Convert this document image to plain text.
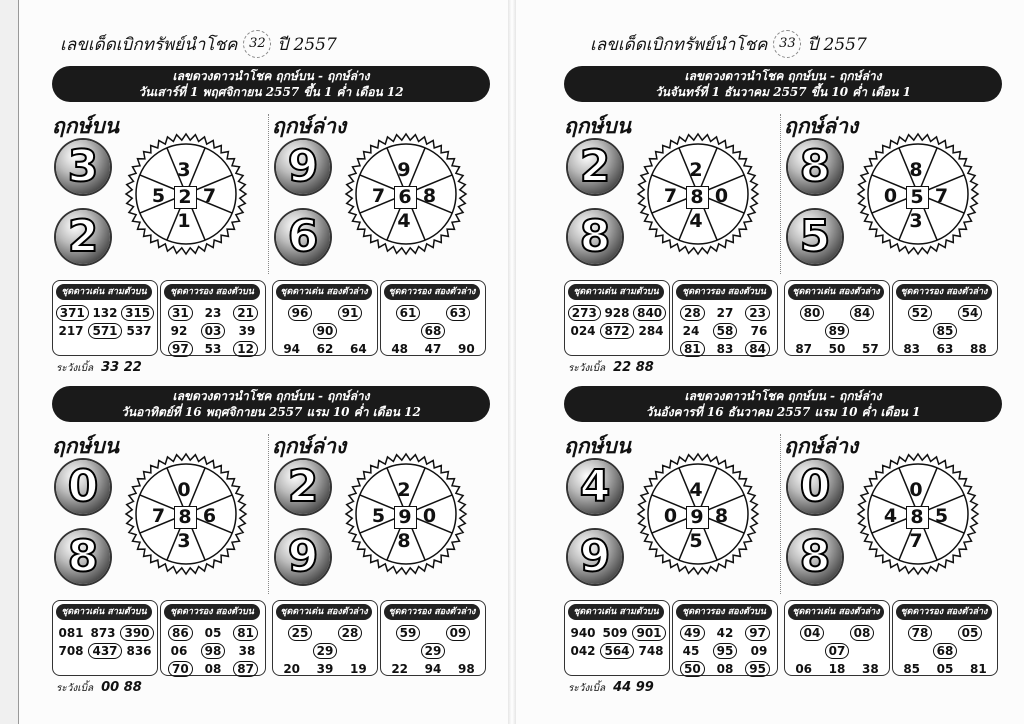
เลขเด็ดเบิกทรัพย์นำโชค 32 ปี 2557
เลขดวงดาวนำโชค ฤกษ์บน - ฤกษ์ล่าง
วันเสาร์ที่ 1 พฤศจิกายน 2557 ขึ้น 1 ค่ำ เดือน 12
ฤกษ์บน
3
2
3
5 2 7
1
ฤกษ์ล่าง
9
6
9
7 6 8
4
ชุดดาวเด่น สามตัวบน
371 132 315
217 571 537
ชุดดาวรอง สองตัวบน
31	23	21
92	03	39
97	53	12
ชุดดาวเด่น สองตัวล่าง
96	91
90
94 62 64
ชุดดาวรอง สองตัวล่าง
61	63
68
48 47 90
ระวังเบิ้ล 33 22
เลขดวงดาวนำโชค ฤกษ์บน - ฤกษ์ล่าง
วันอาทิตย์ที่ 16 พฤศจิกายน 2557 แรม 10 ค่ำ เดือน 12
ฤกษ์บน
0
8
0
7 8 6
3
ฤกษ์ล่าง
2
9
2
5 9 0
8
ชุดดาวเด่น สามตัวบน
081 873 390
708 437 836
ชุดดาวรอง สองตัวบน
86	05	81
06	98	38
70	08	87
ชุดดาวเด่น สองตัวล่าง
25	28
29
20 39 19
ชุดดาวรอง สองตัวล่าง
59	09
29
22 94 98
ระวังเบิ้ล 00 88
เลขเด็ดเบิกทรัพย์นำโชค 33 ปี 2557
เลขดวงดาวนำโชค ฤกษ์บน - ฤกษ์ล่าง
วันจันทร์ที่ 1 ธันวาคม 2557 ขึ้น 10 ค่ำ เดือน 1
ฤกษ์บน
2
8
2
7 8 0
4
ฤกษ์ล่าง
8
5
8
0 5 7
3
ชุดดาวเด่น สามตัวบน
273 928 840
024 872 284
ชุดดาวรอง สองตัวบน
28	27	23
24	58	76
81	83	84
ชุดดาวเด่น สองตัวล่าง
80	84
89
87 50 57
ชุดดาวรอง สองตัวล่าง
52	54
85
83 63 88
ระวังเบิ้ล 22 88
เลขดวงดาวนำโชค ฤกษ์บน - ฤกษ์ล่าง
วันอังคารที่ 16 ธันวาคม 2557 แรม 10 ค่ำ เดือน 1
ฤกษ์บน
4
9
4
0 9 8
5
ฤกษ์ล่าง
0
8
0
4 8 5
7
ชุดดาวเด่น สามตัวบน
940 509 901
042 564 748
ชุดดาวรอง สองตัวบน
49	42	97
45	95	09
50	08	95
ชุดดาวเด่น สองตัวล่าง
04	08
07
06 18 38
ชุดดาวรอง สองตัวล่าง
78	05
68
85 05 81
ระวังเบิ้ล 44 99
